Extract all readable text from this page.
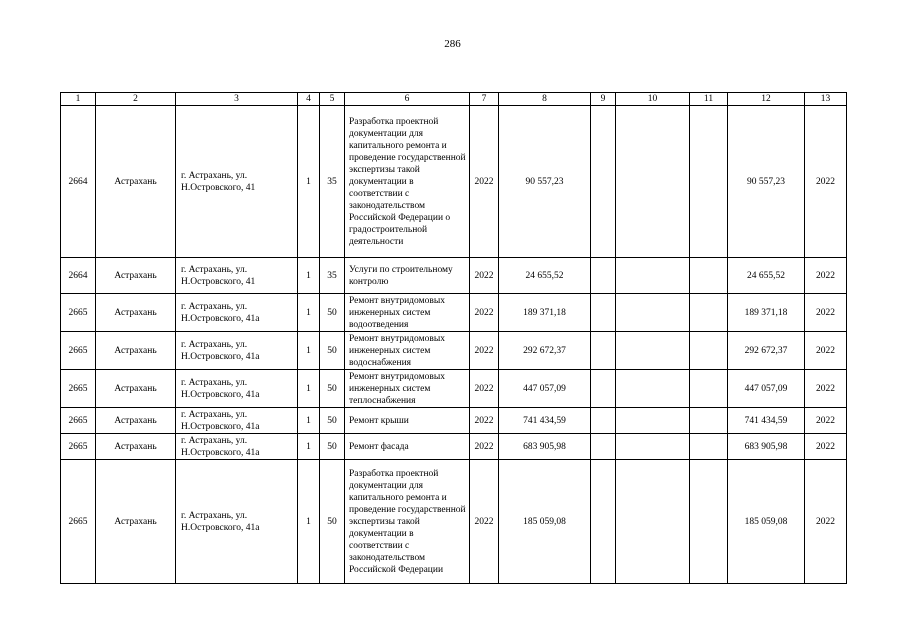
286
1	2	3	4	5	6	7	8	9	10	11	12	13
2664	Астрахань	г. Астрахань, ул. Н.Островского, 41	1	35	Разработка проектной документации для капитального ремонта и проведение государственной экспертизы такой документации в соответствии с законодательством Российской Федерации о градостроительной деятельности	2022	90 557,23				90 557,23	2022
2664	Астрахань	г. Астрахань, ул. Н.Островского, 41	1	35	Услуги по строительному контролю	2022	24 655,52				24 655,52	2022
2665	Астрахань	г. Астрахань, ул. Н.Островского, 41а	1	50	Ремонт внутридомовых инженерных систем водоотведения	2022	189 371,18				189 371,18	2022
2665	Астрахань	г. Астрахань, ул. Н.Островского, 41а	1	50	Ремонт внутридомовых инженерных систем водоснабжения	2022	292 672,37				292 672,37	2022
2665	Астрахань	г. Астрахань, ул. Н.Островского, 41а	1	50	Ремонт внутридомовых инженерных систем теплоснабжения	2022	447 057,09				447 057,09	2022
2665	Астрахань	г. Астрахань, ул. Н.Островского, 41а	1	50	Ремонт крыши	2022	741 434,59				741 434,59	2022
2665	Астрахань	г. Астрахань, ул. Н.Островского, 41а	1	50	Ремонт фасада	2022	683 905,98				683 905,98	2022
2665	Астрахань	г. Астрахань, ул. Н.Островского, 41а	1	50	Разработка проектной документации для капитального ремонта и проведение государственной экспертизы такой документации в соответствии с законодательством Российской Федерации	2022	185 059,08				185 059,08	2022
